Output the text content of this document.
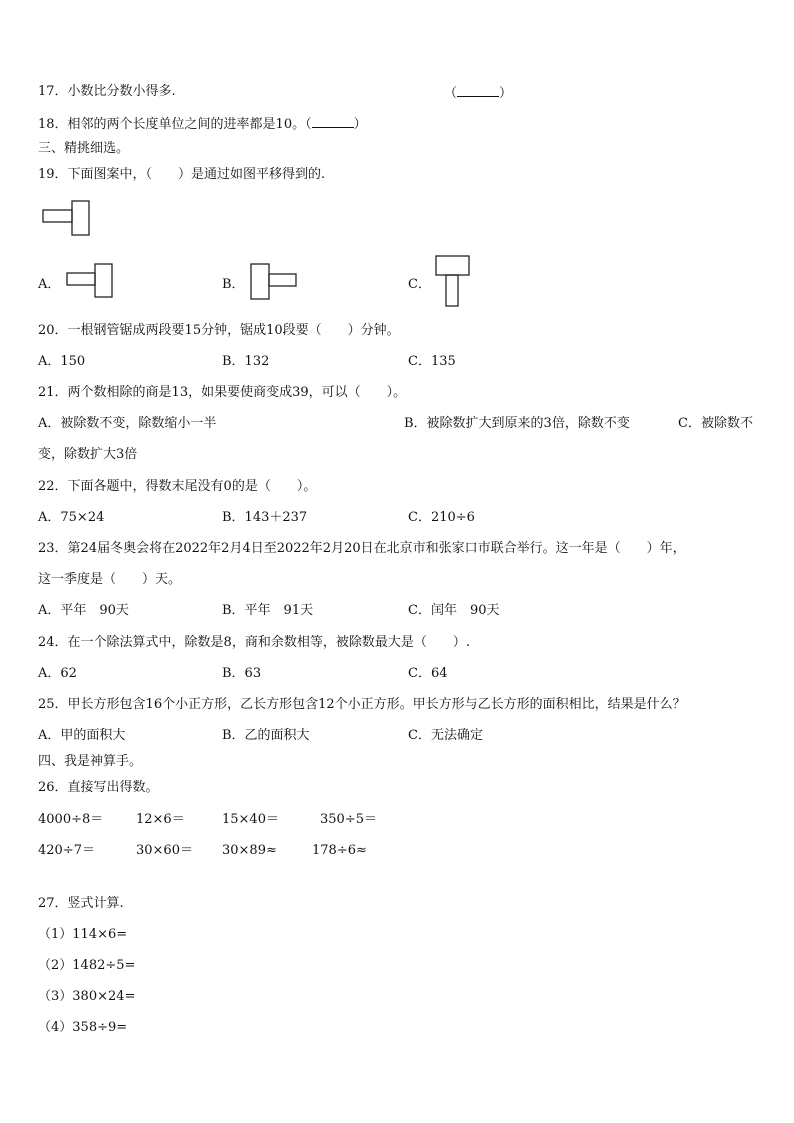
17．小数比分数小得多.	（	）
18．相邻的两个长度单位之间的进率都是10。（	）
三、精挑细选。
19．下面图案中，（　　）是通过如图平移得到的.
A．	B．	C．
20．一根钢管锯成两段要15分钟，锯成10段要（　　）分钟。
A．150	B．132	C．135
21．两个数相除的商是13，如果要使商变成39，可以（　　）。
A．被除数不变，除数缩小一半	B．被除数扩大到原来的3倍，除数不变	C．被除数不
变，除数扩大3倍
22．下面各题中，得数末尾没有0的是（　　）。
A．75×24	B．143＋237	C．210÷6
23．第24届冬奥会将在2022年2月4日至2022年2月20日在北京市和张家口市联合举行。这一年是（　　）年，
这一季度是（　　）天。
A．平年　90天	B．平年　91天	C．闰年　90天
24．在一个除法算式中，除数是8，商和余数相等，被除数最大是（　　）.
A．62	B．63	C．64
25．甲长方形包含16个小正方形，乙长方形包含12个小正方形。甲长方形与乙长方形的面积相比，结果是什么？
A．甲的面积大	B．乙的面积大	C．无法确定
四、我是神算手。
26．直接写出得数。
4000÷8＝	12×6＝	15×40＝	350÷5＝
420÷7＝	30×60＝ 30×89≈	178÷6≈
27．竖式计算.
（1）114×6=
（2）1482÷5=
（3）380×24=
（4）358÷9=
